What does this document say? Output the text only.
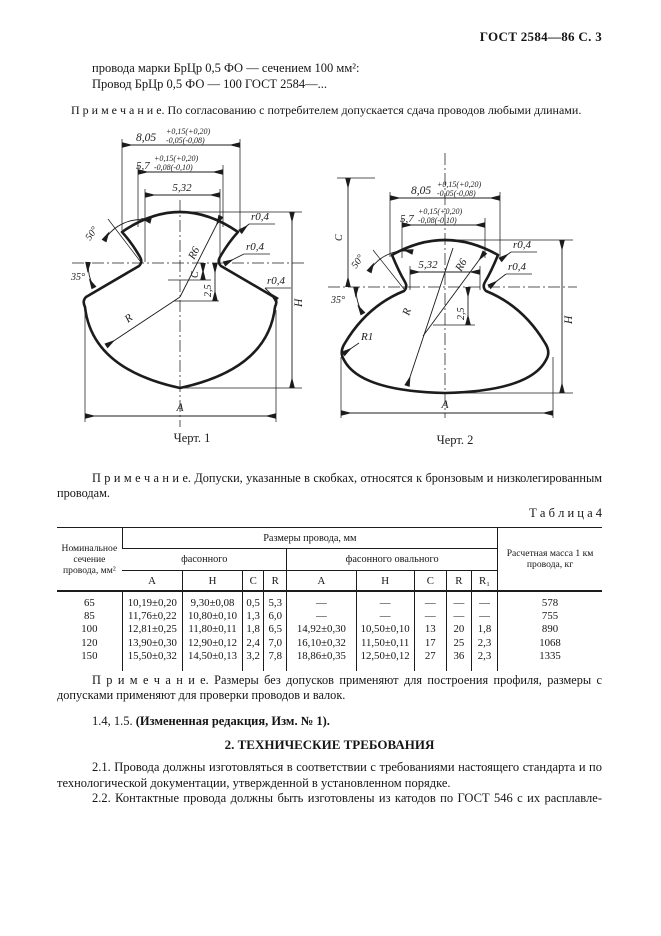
ГОСТ 2584—86 С. 3
провода марки БрЦр 0,5 ФО — сечением 100 мм²:
Провод БрЦр 0,5 ФО — 100 ГОСТ 2584—...
П р и м е ч а н и е. По согласованию с потребителем допускается сдача проводов любыми длинами.
8,05
+0,15(+0,20)
-0,05(-0,08)
5,7
+0,15(+0,20)
-0,08(-0,10)
5,32
50°
35°
r0,4
r0,4
r0,4
R6
R
С
2,5
Н
А
Черт. 1
С
8,05
+0,15(+0,20)
-0,05(-0,08)
5,7
+0,15(+0,20)
-0,08(-0,10)
5,32 R6
r0,4
r0,4
50°
35°
R	2,5
R1
Н
А
Черт. 2
П р и м е ч а н и е. Допуски, указанные в скобках, относятся к бронзовым и низколегированным проводам.
Т а б л и ц а 4
Номинальное сечение провода, мм²	Размеры провода, мм									Расчетная масса 1 км провода, кг
	фасонного				фасонного овального					
	А	Н	С	R	А	Н	С	R	R₁	
65	10,19±0,20	9,30±0,08	0,5	5,3	—	—	—	—	—	578
85	11,76±0,22	10,80±0,10	1,3	6,0	—	—	—	—	—	755
100	12,81±0,25	11,80±0,11	1,8	6,5	14,92±0,30	10,50±0,10	13	20	1,8	890
120	13,90±0,30	12,90±0,12	2,4	7,0	16,10±0,32	11,50±0,11	17	25	2,3	1068
150	15,50±0,32	14,50±0,13	3,2	7,8	18,86±0,35	12,50±0,12	27	36	2,3	1335

П р и м е ч а н и е. Размеры без допусков применяют для построения профиля, размеры с допусками применяют для проверки проводов и валок.
1.4, 1.5. (Измененная редакция, Изм. № 1).
2. ТЕХНИЧЕСКИЕ ТРЕБОВАНИЯ
2.1. Провода должны изготовляться в соответствии с требованиями настоящего стандарта и по технологической документации, утвержденной в установленном порядке.
2.2. Контактные провода должны быть изготовлены из катодов по ГОСТ 546 с их расплавле-
